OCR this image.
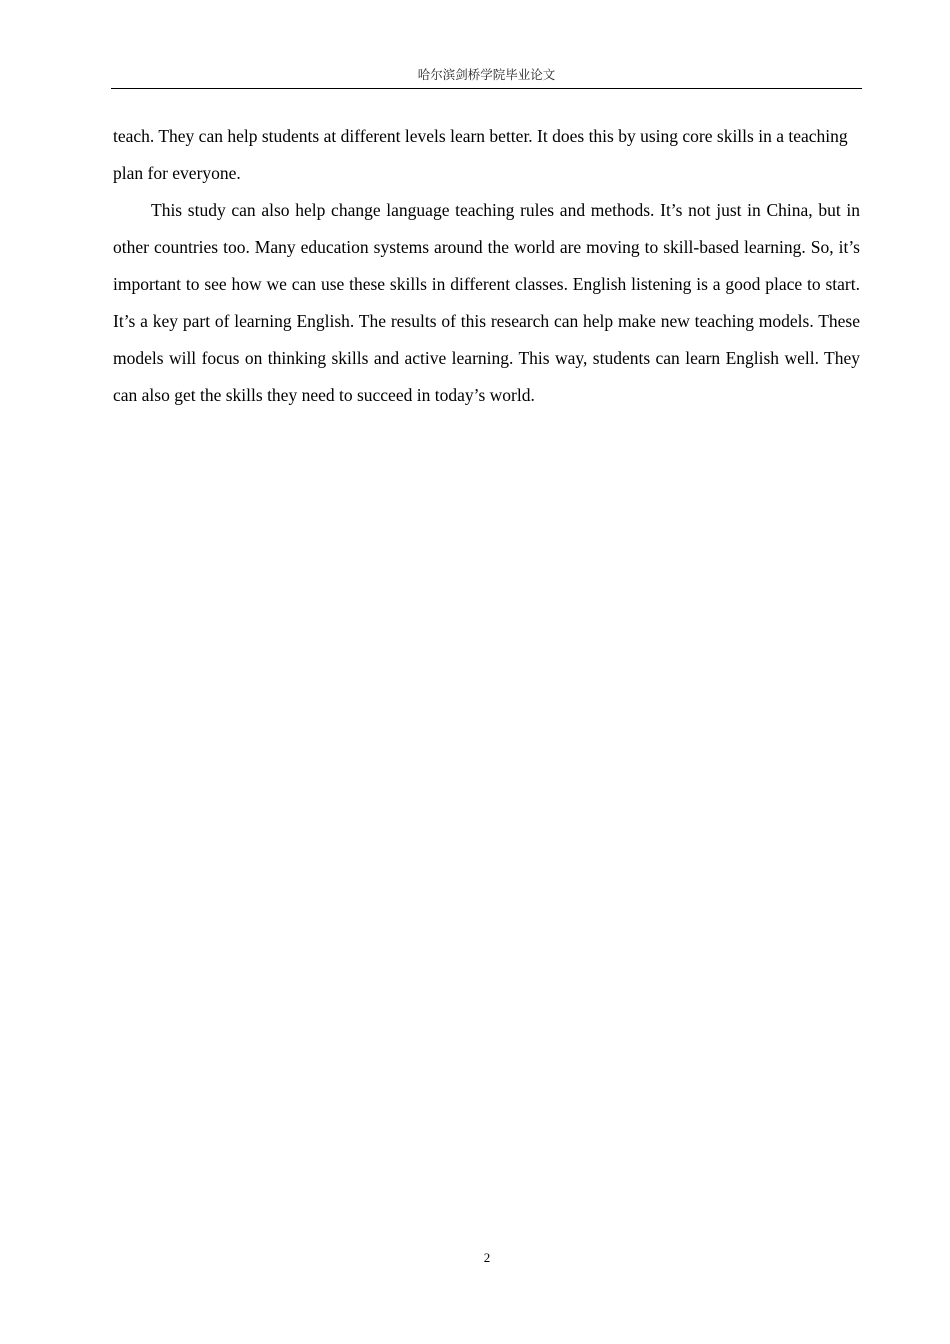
哈尔滨剑桥学院毕业论文

teach. They can help students at different levels learn better. It does this by using core skills in a teaching plan for everyone.

This study can also help change language teaching rules and methods. It’s not just in China, but in other countries too. Many education systems around the world are moving to skill-based learning. So, it’s important to see how we can use these skills in different classes. English listening is a good place to start. It’s a key part of learning English. The results of this research can help make new teaching models. These models will focus on thinking skills and active learning. This way, students can learn English well. They can also get the skills they need to succeed in today’s world.

2
